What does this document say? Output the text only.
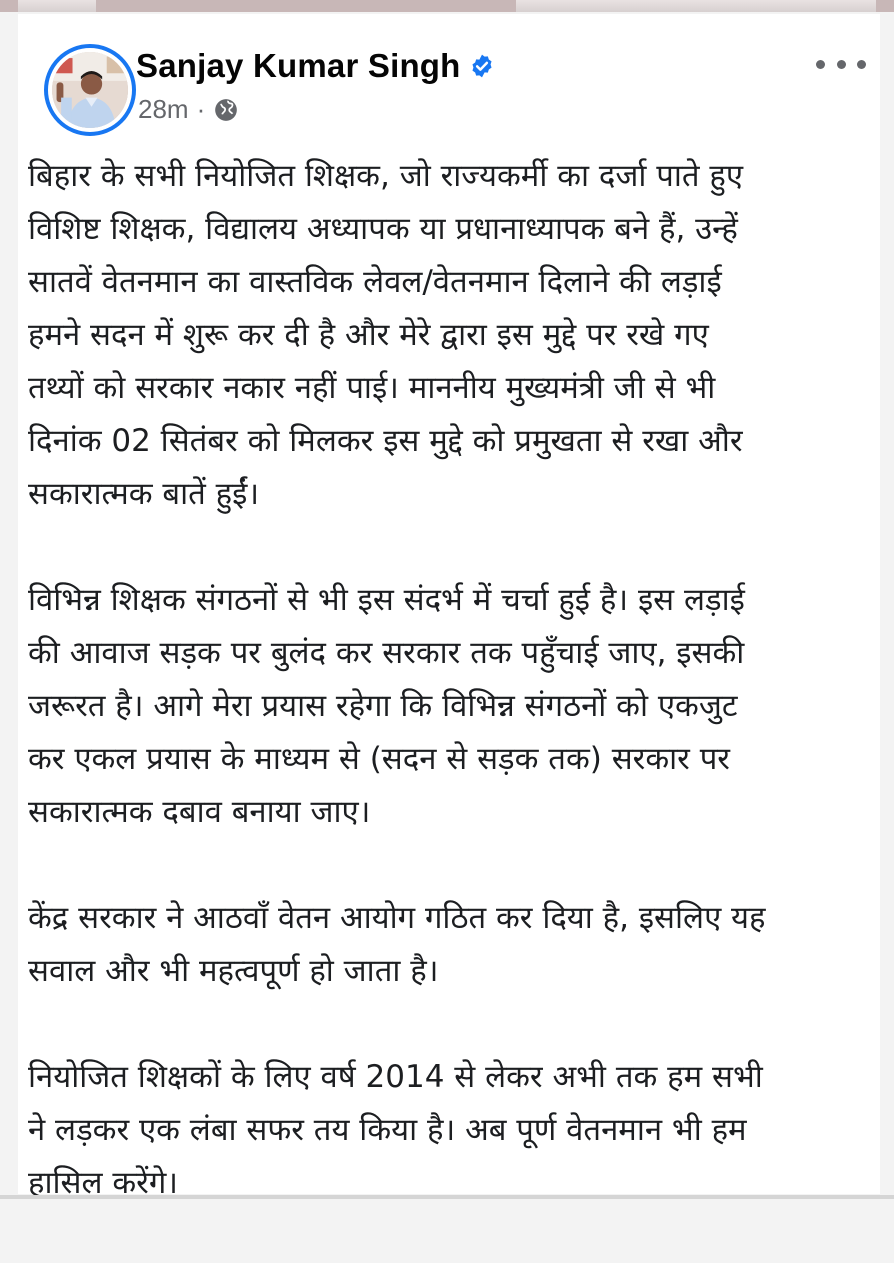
Sanjay Kumar Singh
28m ·

बिहार के सभी नियोजित शिक्षक, जो राज्यकर्मी का दर्जा पाते हुए
विशिष्ट शिक्षक, विद्यालय अध्यापक या प्रधानाध्यापक बने हैं, उन्हें
सातवें वेतनमान का वास्तविक लेवल/वेतनमान दिलाने की लड़ाई
हमने सदन में शुरू कर दी है और मेरे द्वारा इस मुद्दे पर रखे गए
तथ्यों को सरकार नकार नहीं पाई। माननीय मुख्यमंत्री जी से भी
दिनांक 02 सितंबर को मिलकर इस मुद्दे को प्रमुखता से रखा और
सकारात्मक बातें हुईं।

विभिन्न शिक्षक संगठनों से भी इस संदर्भ में चर्चा हुई है। इस लड़ाई
की आवाज सड़क पर बुलंद कर सरकार तक पहुँचाई जाए, इसकी
जरूरत है। आगे मेरा प्रयास रहेगा कि विभिन्न संगठनों को एकजुट
कर एकल प्रयास के माध्यम से (सदन से सड़क तक) सरकार पर
सकारात्मक दबाव बनाया जाए।

केंद्र सरकार ने आठवाँ वेतन आयोग गठित कर दिया है, इसलिए यह
सवाल और भी महत्वपूर्ण हो जाता है।

नियोजित शिक्षकों के लिए वर्ष 2014 से लेकर अभी तक हम सभी
ने लड़कर एक लंबा सफर तय किया है। अब पूर्ण वेतनमान भी हम
हासिल करेंगे।
